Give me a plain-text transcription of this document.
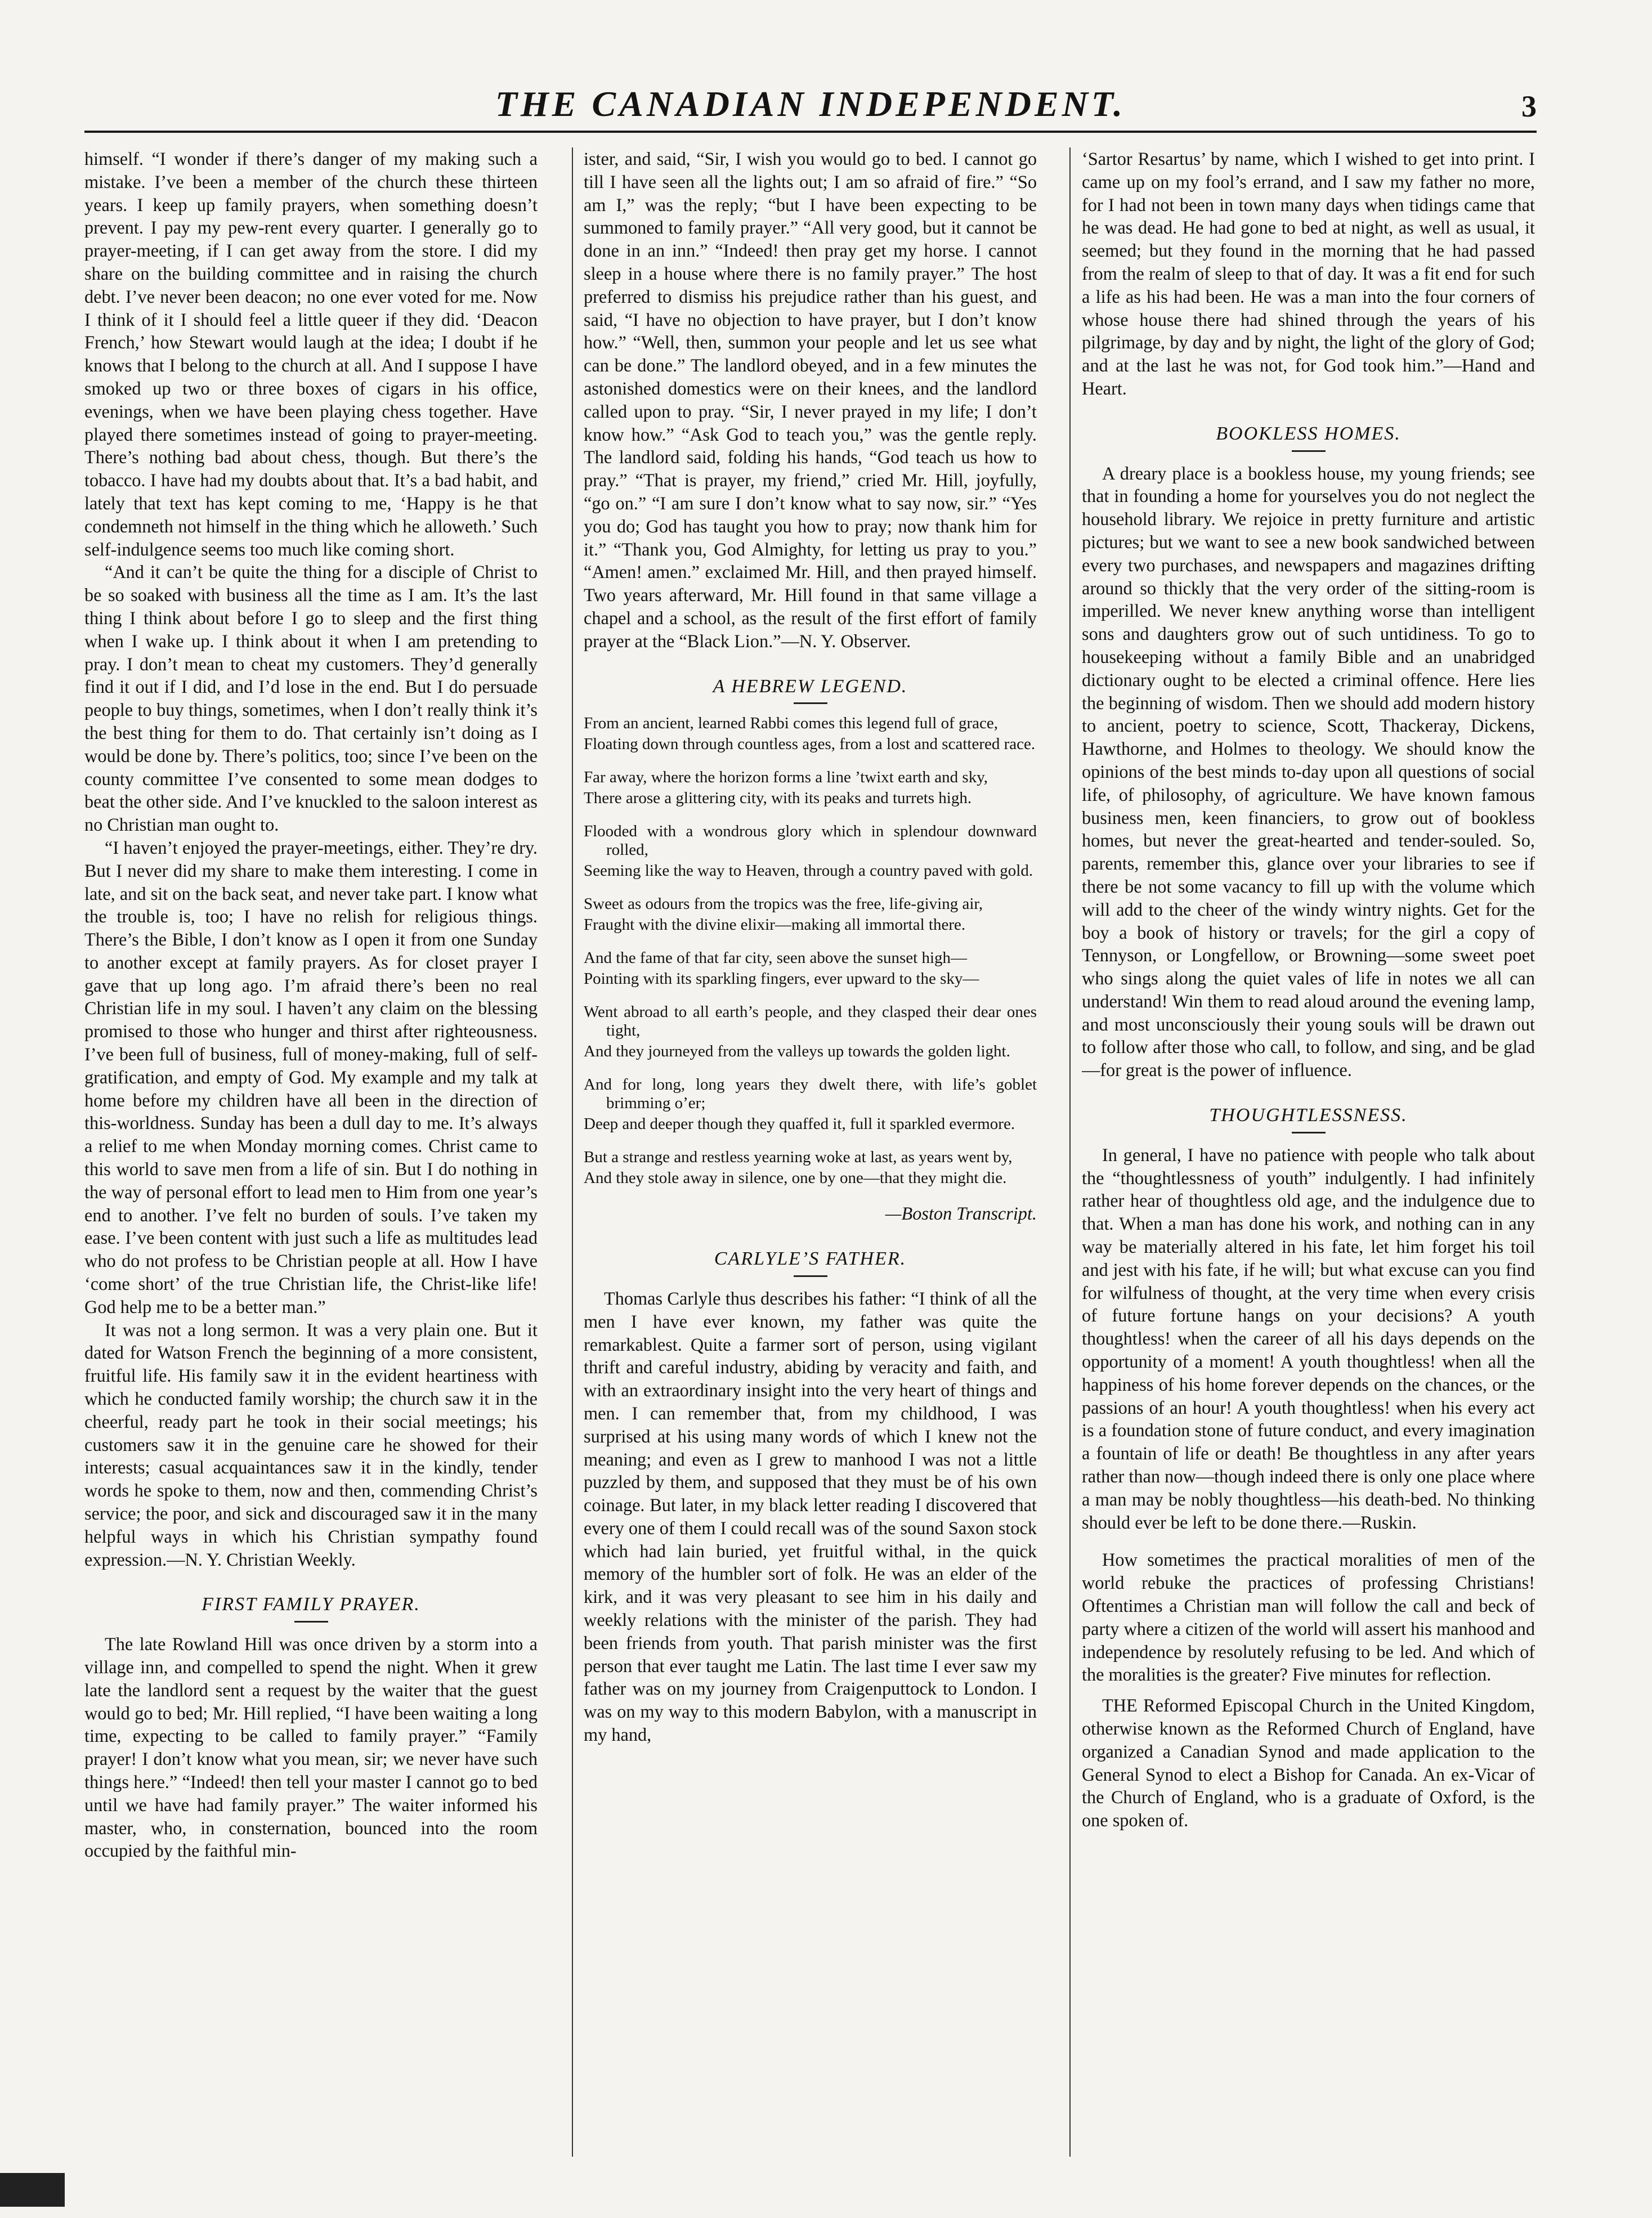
THE CANADIAN INDEPENDENT.	3

himself. “I wonder if there’s danger of my making such a mistake. I’ve been a member of the church these thirteen years. I keep up family prayers, when something doesn’t prevent. I pay my pew-rent every quarter. I generally go to prayer-meeting, if I can get away from the store. I did my share on the building committee and in raising the church debt. I’ve never been deacon; no one ever voted for me. Now I think of it I should feel a little queer if they did. ‘Deacon French,’ how Stewart would laugh at the idea; I doubt if he knows that I belong to the church at all. And I suppose I have smoked up two or three boxes of cigars in his office, evenings, when we have been playing chess together. Have played there sometimes instead of going to prayer-meeting. There’s nothing bad about chess, though. But there’s the tobacco. I have had my doubts about that. It’s a bad habit, and lately that text has kept coming to me, ‘Happy is he that condemneth not himself in the thing which he alloweth.’ Such self-indulgence seems too much like coming short.

“And it can’t be quite the thing for a disciple of Christ to be so soaked with business all the time as I am. It’s the last thing I think about before I go to sleep and the first thing when I wake up. I think about it when I am pretending to pray. I don’t mean to cheat my customers. They’d generally find it out if I did, and I’d lose in the end. But I do persuade people to buy things, sometimes, when I don’t really think it’s the best thing for them to do. That certainly isn’t doing as I would be done by. There’s politics, too; since I’ve been on the county committee I’ve consented to some mean dodges to beat the other side. And I’ve knuckled to the saloon interest as no Christian man ought to.

“I haven’t enjoyed the prayer-meetings, either. They’re dry. But I never did my share to make them interesting. I come in late, and sit on the back seat, and never take part. I know what the trouble is, too; I have no relish for religious things. There’s the Bible, I don’t know as I open it from one Sunday to another except at family prayers. As for closet prayer I gave that up long ago. I’m afraid there’s been no real Christian life in my soul. I haven’t any claim on the blessing promised to those who hunger and thirst after righteousness. I’ve been full of business, full of money-making, full of self-gratification, and empty of God. My example and my talk at home before my children have all been in the direction of this-worldness. Sunday has been a dull day to me. It’s always a relief to me when Monday morning comes. Christ came to this world to save men from a life of sin. But I do nothing in the way of personal effort to lead men to Him from one year’s end to another. I’ve felt no burden of souls. I’ve taken my ease. I’ve been content with just such a life as multitudes lead who do not profess to be Christian people at all. How I have ‘come short’ of the true Christian life, the Christ-like life! God help me to be a better man.”

It was not a long sermon. It was a very plain one. But it dated for Watson French the beginning of a more consistent, fruitful life. His family saw it in the evident heartiness with which he conducted family worship; the church saw it in the cheerful, ready part he took in their social meetings; his customers saw it in the genuine care he showed for their interests; casual acquaintances saw it in the kindly, tender words he spoke to them, now and then, commending Christ’s service; the poor, and sick and discouraged saw it in the many helpful ways in which his Christian sympathy found expression.—N. Y. Christian Weekly.

FIRST FAMILY PRAYER.

The late Rowland Hill was once driven by a storm into a village inn, and compelled to spend the night. When it grew late the landlord sent a request by the waiter that the guest would go to bed; Mr. Hill replied, “I have been waiting a long time, expecting to be called to family prayer.” “Family prayer! I don’t know what you mean, sir; we never have such things here.” “Indeed! then tell your master I cannot go to bed until we have had family prayer.” The waiter informed his master, who, in consternation, bounced into the room occupied by the faithful min-

ister, and said, “Sir, I wish you would go to bed. I cannot go till I have seen all the lights out; I am so afraid of fire.” “So am I,” was the reply; “but I have been expecting to be summoned to family prayer.” “All very good, but it cannot be done in an inn.” “Indeed! then pray get my horse. I cannot sleep in a house where there is no family prayer.” The host preferred to dismiss his prejudice rather than his guest, and said, “I have no objection to have prayer, but I don’t know how.” “Well, then, summon your people and let us see what can be done.” The landlord obeyed, and in a few minutes the astonished domestics were on their knees, and the landlord called upon to pray. “Sir, I never prayed in my life; I don’t know how.” “Ask God to teach you,” was the gentle reply. The landlord said, folding his hands, “God teach us how to pray.” “That is prayer, my friend,” cried Mr. Hill, joyfully, “go on.” “I am sure I don’t know what to say now, sir.” “Yes you do; God has taught you how to pray; now thank him for it.” “Thank you, God Almighty, for letting us pray to you.” “Amen! amen.” exclaimed Mr. Hill, and then prayed himself. Two years afterward, Mr. Hill found in that same village a chapel and a school, as the result of the first effort of family prayer at the “Black Lion.”—N. Y. Observer.

A HEBREW LEGEND.
From an ancient, learned Rabbi comes this legend full of grace,
Floating down through countless ages, from a lost and scattered race.
Far away, where the horizon forms a line ’twixt earth and sky,
There arose a glittering city, with its peaks and turrets high.
Flooded with a wondrous glory which in splendour downward rolled,
Seeming like the way to Heaven, through a country paved with gold.
Sweet as odours from the tropics was the free, life-giving air,
Fraught with the divine elixir—making all immortal there.
And the fame of that far city, seen above the sunset high—
Pointing with its sparkling fingers, ever upward to the sky—
Went abroad to all earth’s people, and they clasped their dear ones tight,
And they journeyed from the valleys up towards the golden light.
And for long, long years they dwelt there, with life’s goblet brimming o’er;
Deep and deeper though they quaffed it, full it sparkled evermore.
But a strange and restless yearning woke at last, as years went by,
And they stole away in silence, one by one—that they might die.

—Boston Transcript.

CARLYLE’S FATHER.

Thomas Carlyle thus describes his father: “I think of all the men I have ever known, my father was quite the remarkablest. Quite a farmer sort of person, using vigilant thrift and careful industry, abiding by veracity and faith, and with an extraordinary insight into the very heart of things and men. I can remember that, from my childhood, I was surprised at his using many words of which I knew not the meaning; and even as I grew to manhood I was not a little puzzled by them, and supposed that they must be of his own coinage. But later, in my black letter reading I discovered that every one of them I could recall was of the sound Saxon stock which had lain buried, yet fruitful withal, in the quick memory of the humbler sort of folk. He was an elder of the kirk, and it was very pleasant to see him in his daily and weekly relations with the minister of the parish. They had been friends from youth. That parish minister was the first person that ever taught me Latin. The last time I ever saw my father was on my journey from Craigenputtock to London. I was on my way to this modern Babylon, with a manuscript in my hand,

‘Sartor Resartus’ by name, which I wished to get into print. I came up on my fool’s errand, and I saw my father no more, for I had not been in town many days when tidings came that he was dead. He had gone to bed at night, as well as usual, it seemed; but they found in the morning that he had passed from the realm of sleep to that of day. It was a fit end for such a life as his had been. He was a man into the four corners of whose house there had shined through the years of his pilgrimage, by day and by night, the light of the glory of God; and at the last he was not, for God took him.”—Hand and Heart.

BOOKLESS HOMES.

A dreary place is a bookless house, my young friends; see that in founding a home for yourselves you do not neglect the household library. We rejoice in pretty furniture and artistic pictures; but we want to see a new book sandwiched between every two purchases, and newspapers and magazines drifting around so thickly that the very order of the sitting-room is imperilled. We never knew anything worse than intelligent sons and daughters grow out of such untidiness. To go to housekeeping without a family Bible and an unabridged dictionary ought to be elected a criminal offence. Here lies the beginning of wisdom. Then we should add modern history to ancient, poetry to science, Scott, Thackeray, Dickens, Hawthorne, and Holmes to theology. We should know the opinions of the best minds to-day upon all questions of social life, of philosophy, of agriculture. We have known famous business men, keen financiers, to grow out of bookless homes, but never the great-hearted and tender-souled. So, parents, remember this, glance over your libraries to see if there be not some vacancy to fill up with the volume which will add to the cheer of the windy wintry nights. Get for the boy a book of history or travels; for the girl a copy of Tennyson, or Longfellow, or Browning—some sweet poet who sings along the quiet vales of life in notes we all can understand! Win them to read aloud around the evening lamp, and most unconsciously their young souls will be drawn out to follow after those who call, to follow, and sing, and be glad—for great is the power of influence.

THOUGHTLESSNESS.

In general, I have no patience with people who talk about the “thoughtlessness of youth” indulgently. I had infinitely rather hear of thoughtless old age, and the indulgence due to that. When a man has done his work, and nothing can in any way be materially altered in his fate, let him forget his toil and jest with his fate, if he will; but what excuse can you find for wilfulness of thought, at the very time when every crisis of future fortune hangs on your decisions? A youth thoughtless! when the career of all his days depends on the opportunity of a moment! A youth thoughtless! when all the happiness of his home forever depends on the chances, or the passions of an hour! A youth thoughtless! when his every act is a foundation stone of future conduct, and every imagination a fountain of life or death! Be thoughtless in any after years rather than now—though indeed there is only one place where a man may be nobly thoughtless—his death-bed. No thinking should ever be left to be done there.—Ruskin.

How sometimes the practical moralities of men of the world rebuke the practices of professing Christians! Oftentimes a Christian man will follow the call and beck of party where a citizen of the world will assert his manhood and independence by resolutely refusing to be led. And which of the moralities is the greater? Five minutes for reflection.

THE Reformed Episcopal Church in the United Kingdom, otherwise known as the Reformed Church of England, have organized a Canadian Synod and made application to the General Synod to elect a Bishop for Canada. An ex-Vicar of the Church of England, who is a graduate of Oxford, is the one spoken of.
